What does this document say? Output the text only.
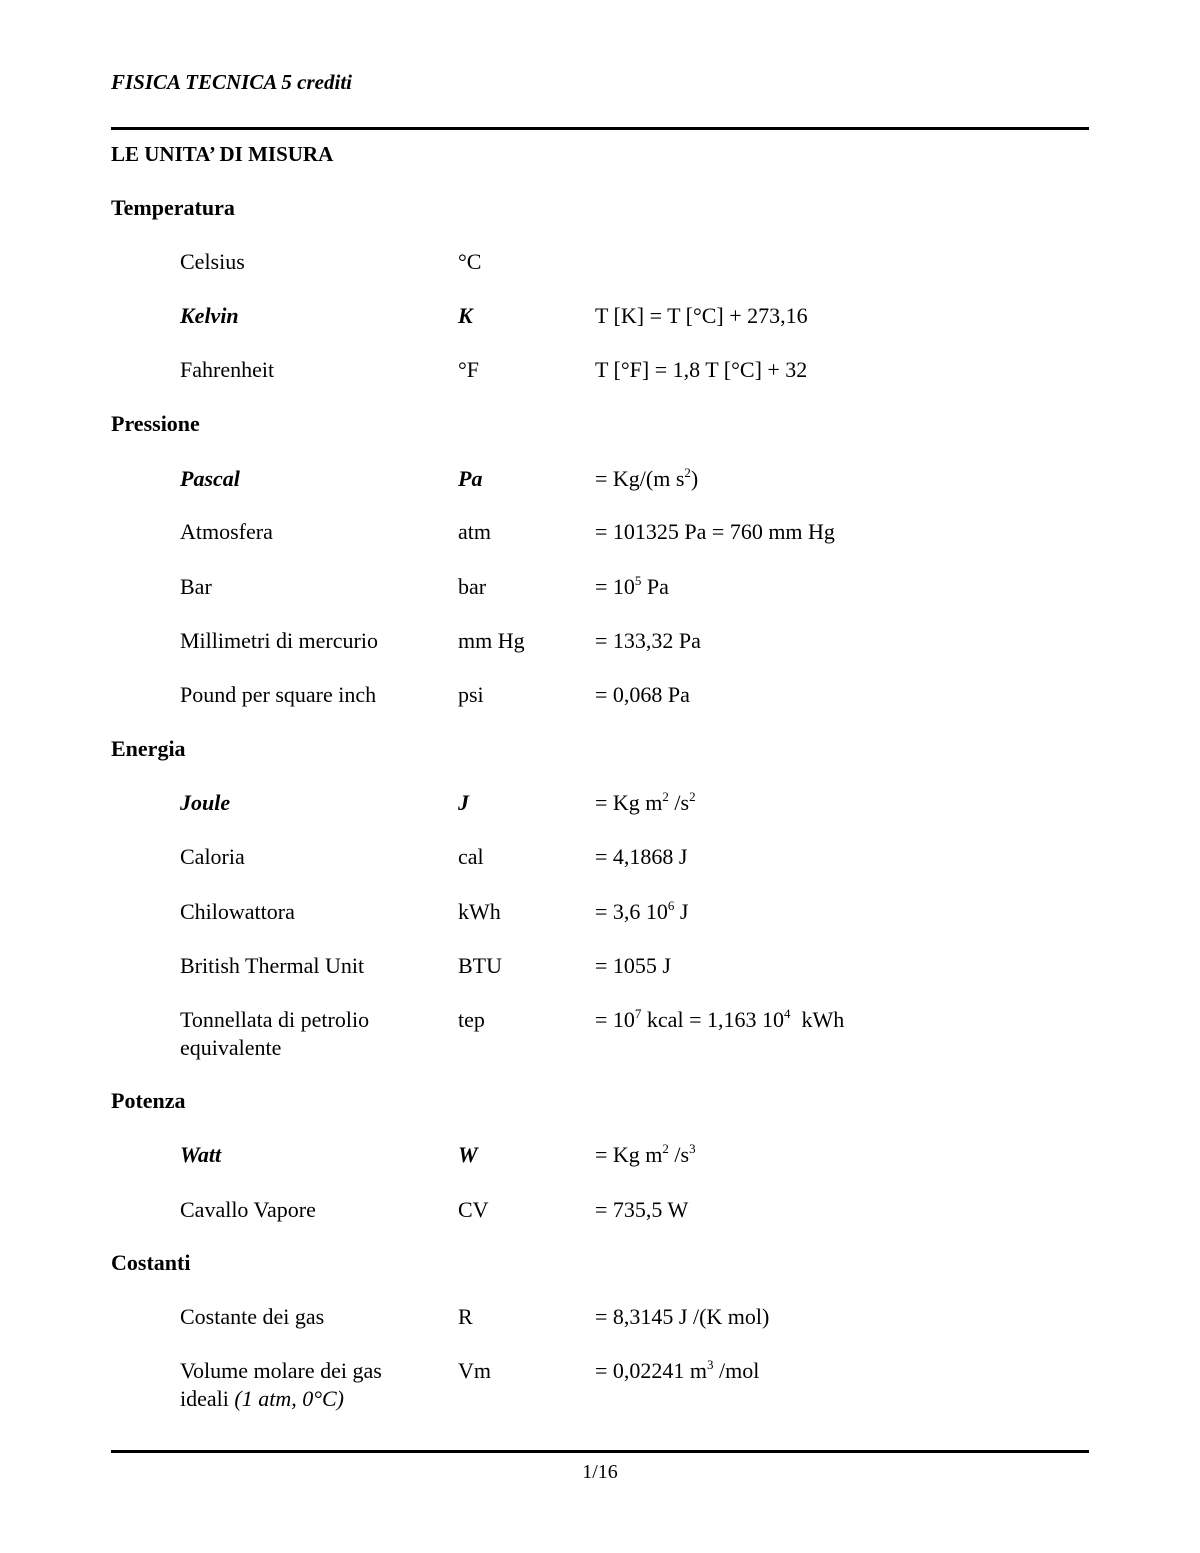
FISICA TECNICA 5 crediti
LE UNITA’ DI MISURA
Temperatura
Celsius	°C
Kelvin	K	T [K] = T [°C] + 273,16
Fahrenheit	°F	T [°F] = 1,8 T [°C] + 32
Pressione
Pascal	Pa	= Kg/(m $s^2$)
Atmosfera	atm	= 101325 Pa = 760 mm Hg
Bar	bar	= $10^5$ Pa
Millimetri di mercurio	mm Hg	= 133,32 Pa
Pound per square inch	psi	= 0,068 Pa
Energia
Joule	J	= Kg $m^2$ $/s^2$
Caloria	cal	= 4,1868 J
Chilowattora	kWh	= 3,6 $10^6$ J
British Thermal Unit	BTU	= 1055 J
Tonnellata di petrolio
equivalente
tep	= $10^7$ kcal = 1,163 $10^4$  kWh
Potenza
Watt	W	= Kg $m^2$ $/s^3$
Cavallo Vapore	CV	= 735,5 W
Costanti
Costante dei gas	R	= 8,3145 J /(K mol)
Volume molare dei gas
ideali (1 atm, 0°C)
Vm	= 0,02241 $m^3$ /mol
1/16
